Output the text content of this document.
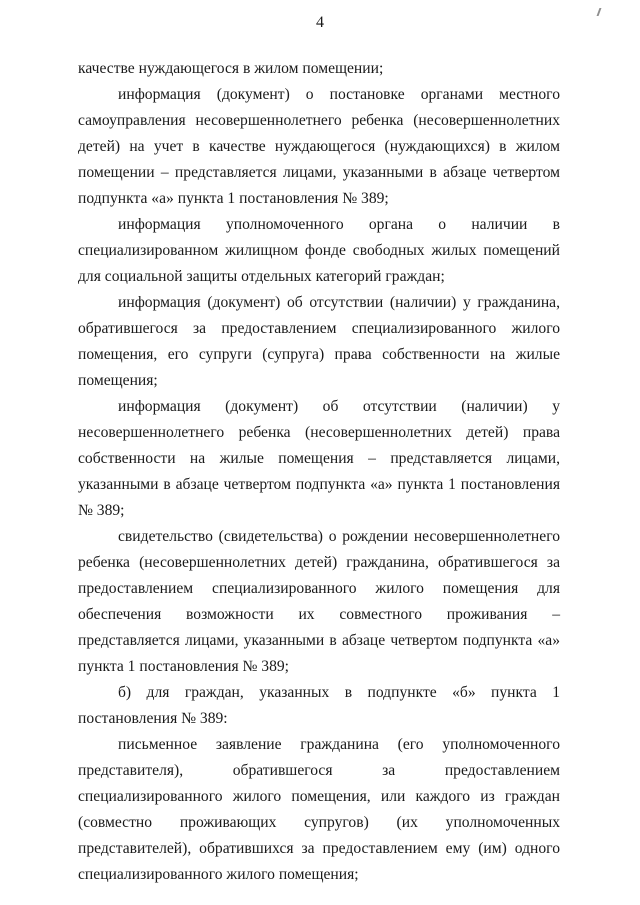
4

качестве нуждающегося в жилом помещении;

информация (документ) о постановке органами местного самоуправления несовершеннолетнего ребенка (несовершеннолетних детей) на учет в качестве нуждающегося (нуждающихся) в жилом помещении – представляется лицами, указанными в абзаце четвертом подпункта «а» пункта 1 постановления № 389;

информация уполномоченного органа о наличии в специализированном жилищном фонде свободных жилых помещений для социальной защиты отдельных категорий граждан;

информация (документ) об отсутствии (наличии) у гражданина, обратившегося за предоставлением специализированного жилого помещения, его супруги (супруга) права собственности на жилые помещения;

информация (документ) об отсутствии (наличии) у несовершеннолетнего ребенка (несовершеннолетних детей) права собственности на жилые помещения – представляется лицами, указанными в абзаце четвертом подпункта «а» пункта 1 постановления № 389;

свидетельство (свидетельства) о рождении несовершеннолетнего ребенка (несовершеннолетних детей) гражданина, обратившегося за предоставлением специализированного жилого помещения для обеспечения возможности их совместного проживания – представляется лицами, указанными в абзаце четвертом подпункта «а» пункта 1 постановления № 389;

б) для граждан, указанных в подпункте «б» пункта 1 постановления № 389:

письменное заявление гражданина (его уполномоченного представителя), обратившегося за предоставлением специализированного жилого помещения, или каждого из граждан (совместно проживающих супругов) (их уполномоченных представителей), обратившихся за предоставлением ему (им) одного специализированного жилого помещения;
